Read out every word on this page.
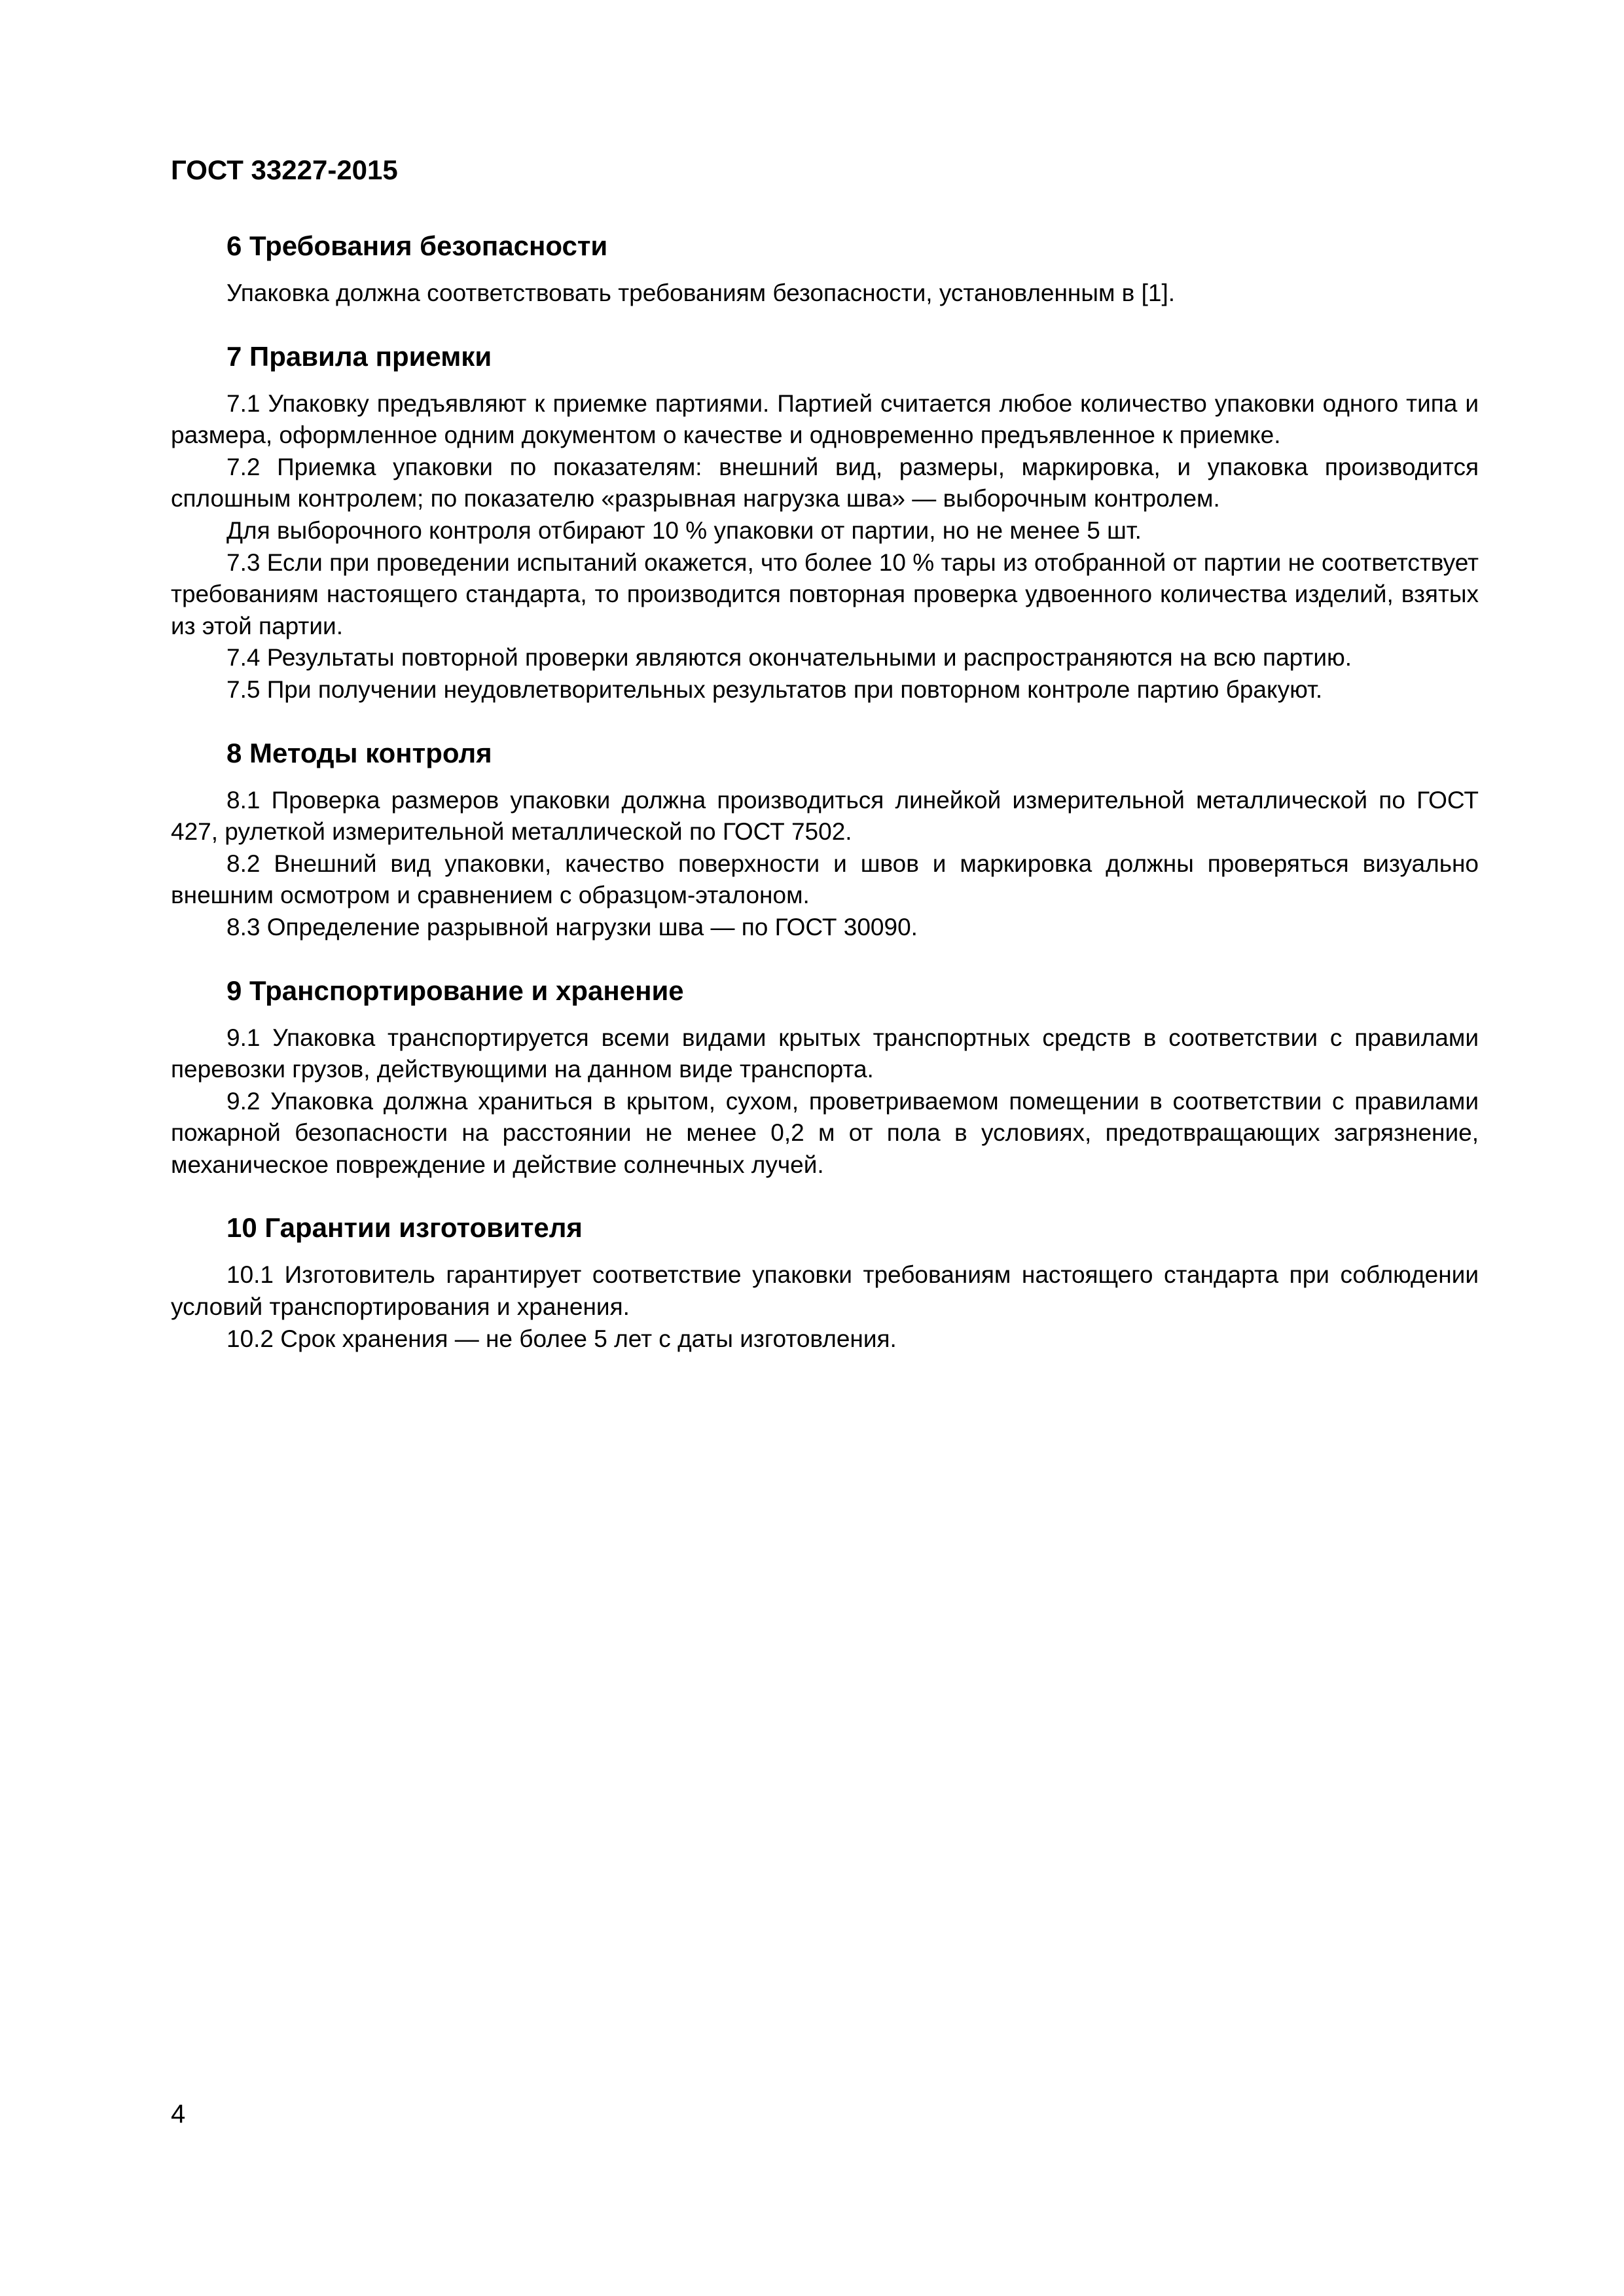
ГОСТ 33227-2015
6 Требования безопасности

Упаковка должна соответствовать требованиям безопасности, установленным в [1].

7 Правила приемки

7.1 Упаковку предъявляют к приемке партиями. Партией считается любое количество упаковки одного типа и размера, оформленное одним документом о качестве и одновременно предъявленное к приемке.

7.2 Приемка упаковки по показателям: внешний вид, размеры, маркировка, и упаковка производится сплошным контролем; по показателю «разрывная нагрузка шва» — выборочным контролем.

Для выборочного контроля отбирают 10 % упаковки от партии, но не менее 5 шт.

7.3 Если при проведении испытаний окажется, что более 10 % тары из отобранной от партии не соответствует требованиям настоящего стандарта, то производится повторная проверка удвоенного количества изделий, взятых из этой партии.

7.4 Результаты повторной проверки являются окончательными и распространяются на всю партию.

7.5 При получении неудовлетворительных результатов при повторном контроле партию бракуют.

8 Методы контроля

8.1 Проверка размеров упаковки должна производиться линейкой измерительной металлической по ГОСТ 427, рулеткой измерительной металлической по ГОСТ 7502.

8.2 Внешний вид упаковки, качество поверхности и швов и маркировка должны проверяться визуально внешним осмотром и сравнением с образцом-эталоном.

8.3 Определение разрывной нагрузки шва — по ГОСТ 30090.

9 Транспортирование и хранение

9.1 Упаковка транспортируется всеми видами крытых транспортных средств в соответствии с правилами перевозки грузов, действующими на данном виде транспорта.

9.2 Упаковка должна храниться в крытом, сухом, проветриваемом помещении в соответствии с правилами пожарной безопасности на расстоянии не менее 0,2 м от пола в условиях, предотвращающих загрязнение, механическое повреждение и действие солнечных лучей.

10 Гарантии изготовителя

10.1 Изготовитель гарантирует соответствие упаковки требованиям настоящего стандарта при соблюдении условий транспортирования и хранения.

10.2 Срок хранения — не более 5 лет с даты изготовления.

4
